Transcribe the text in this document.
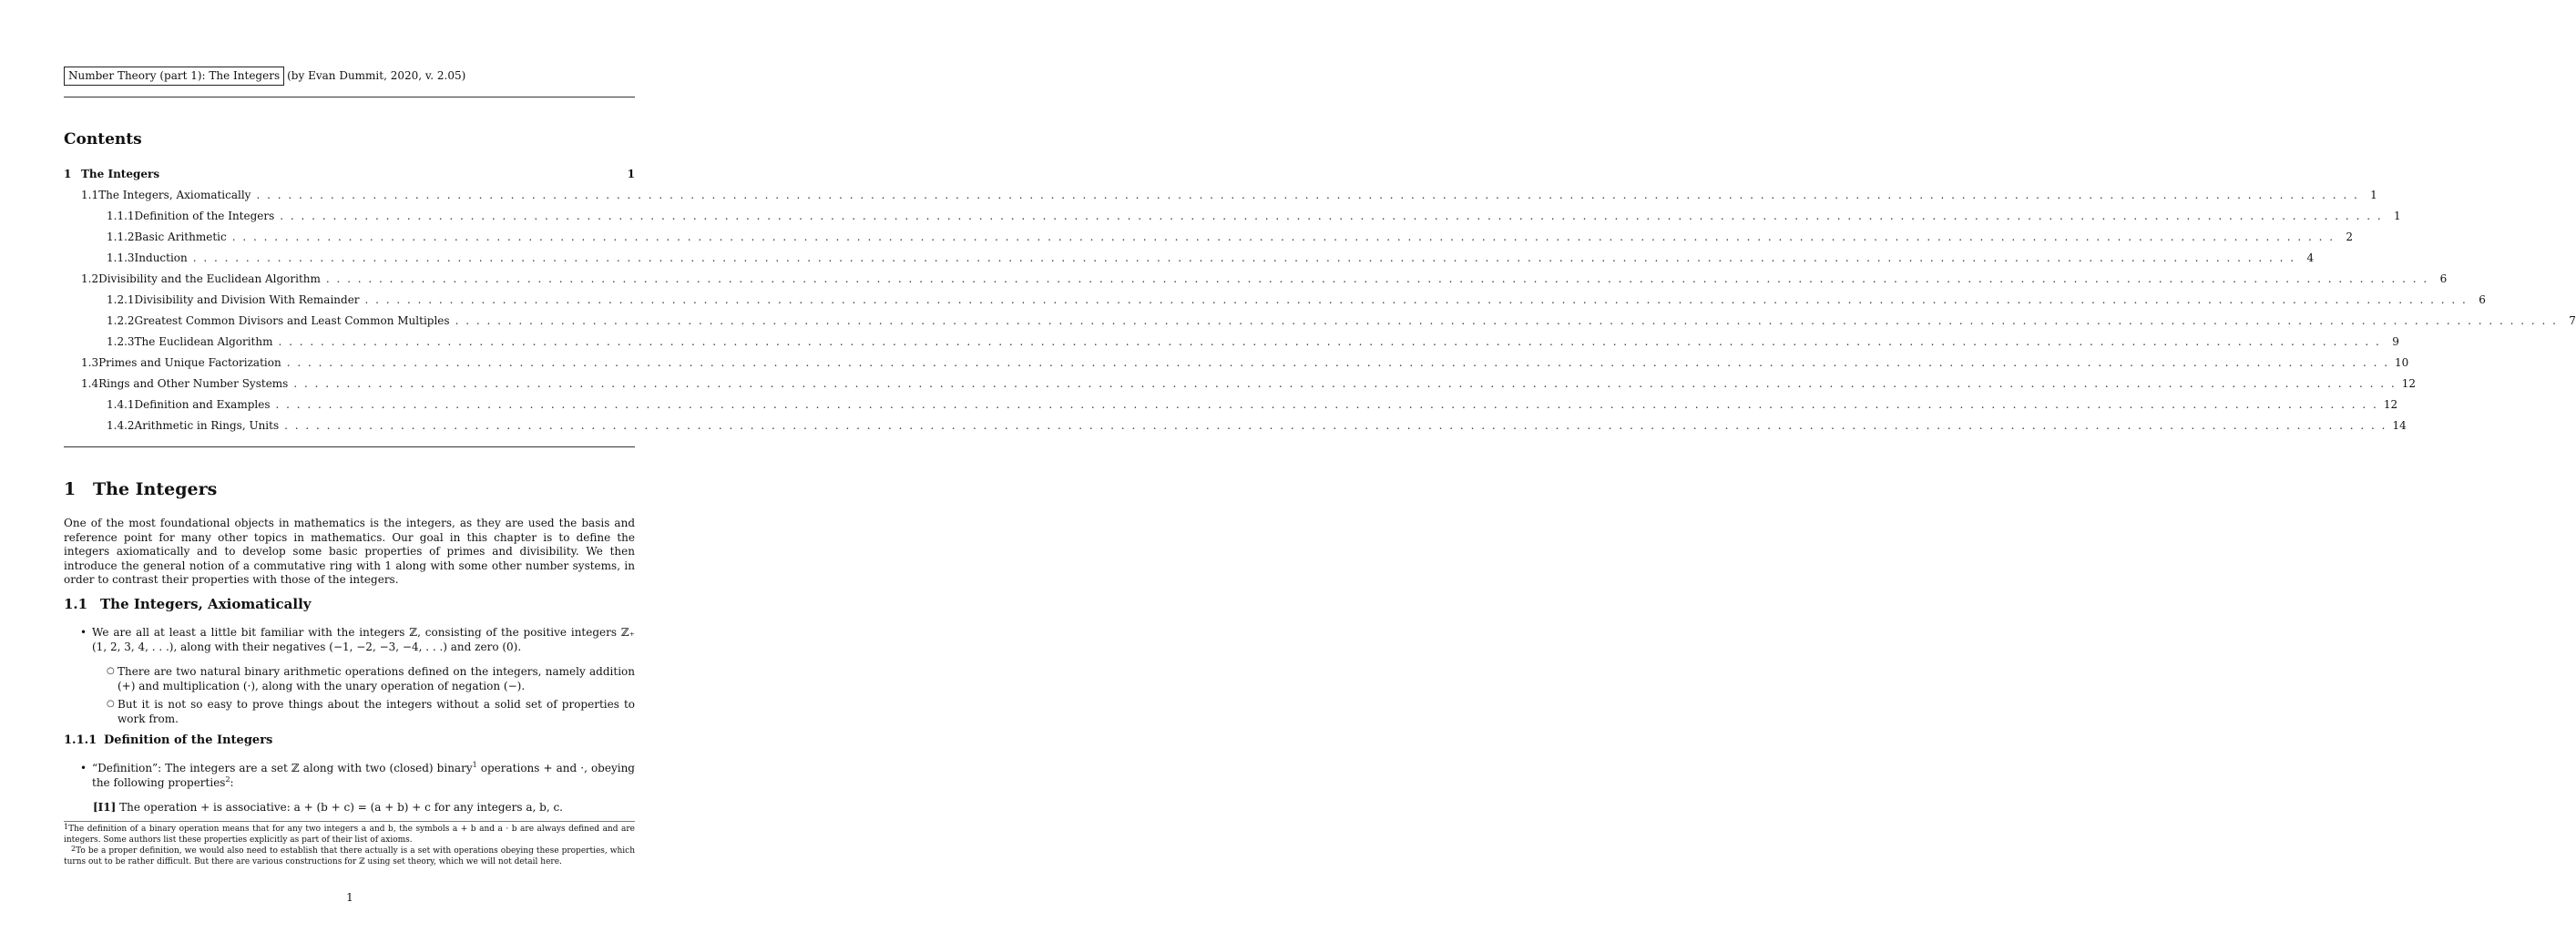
Number Theory (part 1): The Integers (by Evan Dummit, 2020, v. 2.05)
Contents
1 The Integers	1
1.1 The Integers, Axiomatically . . . . . . . . . . . . . . . . . . . . . . . . . . . . . . . . . . . . . . . . . . . . . . . . . . . . . . . . . . . . . . . . . . . . . . . . . . . . . . . . . . . . . . . . . . . . . . . . . . . . . . . . . . . . . . . . . . . . . . . . . . . . . . . . . . . . . . . . . . . . . . . . . . . . . . . . . . . . . . . . . . . . . . . . . . . . . . . . . . . . . . . . . . . . . . . . . . . . . . .	1
1.1.1 Definition of the Integers . . . . . . . . . . . . . . . . . . . . . . . . . . . . . . . . . . . . . . . . . . . . . . . . . . . . . . . . . . . . . . . . . . . . . . . . . . . . . . . . . . . . . . . . . . . . . . . . . . . . . . . . . . . . . . . . . . . . . . . . . . . . . . . . . . . . . . . . . . . . . . . . . . . . . . . . . . . . . . . . . . . . . . . . . . . . . . . . . . . . . . . . . . . . . . . . . . . . . . .	1
1.1.2 Basic Arithmetic . . . . . . . . . . . . . . . . . . . . . . . . . . . . . . . . . . . . . . . . . . . . . . . . . . . . . . . . . . . . . . . . . . . . . . . . . . . . . . . . . . . . . . . . . . . . . . . . . . . . . . . . . . . . . . . . . . . . . . . . . . . . . . . . . . . . . . . . . . . . . . . . . . . . . . . . . . . . . . . . . . . . . . . . . . . . . . . . . . . . . . . . . . . . . . . . . . . . . . .	2
1.1.3 Induction . . . . . . . . . . . . . . . . . . . . . . . . . . . . . . . . . . . . . . . . . . . . . . . . . . . . . . . . . . . . . . . . . . . . . . . . . . . . . . . . . . . . . . . . . . . . . . . . . . . . . . . . . . . . . . . . . . . . . . . . . . . . . . . . . . . . . . . . . . . . . . . . . . . . . . . . . . . . . . . . . . . . . . . . . . . . . . . . . . . . . . . . . . . . . . . . . . . . . . .	4
1.2 Divisibility and the Euclidean Algorithm . . . . . . . . . . . . . . . . . . . . . . . . . . . . . . . . . . . . . . . . . . . . . . . . . . . . . . . . . . . . . . . . . . . . . . . . . . . . . . . . . . . . . . . . . . . . . . . . . . . . . . . . . . . . . . . . . . . . . . . . . . . . . . . . . . . . . . . . . . . . . . . . . . . . . . . . . . . . . . . . . . . . . . . . . . . . . . . . . . . . . . . . . . . . . . . . . . . . . . .	6
1.2.1 Divisibility and Division With Remainder . . . . . . . . . . . . . . . . . . . . . . . . . . . . . . . . . . . . . . . . . . . . . . . . . . . . . . . . . . . . . . . . . . . . . . . . . . . . . . . . . . . . . . . . . . . . . . . . . . . . . . . . . . . . . . . . . . . . . . . . . . . . . . . . . . . . . . . . . . . . . . . . . . . . . . . . . . . . . . . . . . . . . . . . . . . . . . . . . . . . . . . . . . . . . . . . . . . . . . .	6
1.2.2 Greatest Common Divisors and Least Common Multiples . . . . . . . . . . . . . . . . . . . . . . . . . . . . . . . . . . . . . . . . . . . . . . . . . . . . . . . . . . . . . . . . . . . . . . . . . . . . . . . . . . . . . . . . . . . . . . . . . . . . . . . . . . . . . . . . . . . . . . . . . . . . . . . . . . . . . . . . . . . . . . . . . . . . . . . . . . . . . . . . . . . . . . . . . . . . . . . . . . . . . . . . . . . . . . . . . . . . . . .	7
1.2.3 The Euclidean Algorithm . . . . . . . . . . . . . . . . . . . . . . . . . . . . . . . . . . . . . . . . . . . . . . . . . . . . . . . . . . . . . . . . . . . . . . . . . . . . . . . . . . . . . . . . . . . . . . . . . . . . . . . . . . . . . . . . . . . . . . . . . . . . . . . . . . . . . . . . . . . . . . . . . . . . . . . . . . . . . . . . . . . . . . . . . . . . . . . . . . . . . . . . . . . . . . . . . . . . . . .	9
1.3 Primes and Unique Factorization . . . . . . . . . . . . . . . . . . . . . . . . . . . . . . . . . . . . . . . . . . . . . . . . . . . . . . . . . . . . . . . . . . . . . . . . . . . . . . . . . . . . . . . . . . . . . . . . . . . . . . . . . . . . . . . . . . . . . . . . . . . . . . . . . . . . . . . . . . . . . . . . . . . . . . . . . . . . . . . . . . . . . . . . . . . . . . . . . . . . . . . . . . . . . . . . . . . . . . . 10
1.4 Rings and Other Number Systems . . . . . . . . . . . . . . . . . . . . . . . . . . . . . . . . . . . . . . . . . . . . . . . . . . . . . . . . . . . . . . . . . . . . . . . . . . . . . . . . . . . . . . . . . . . . . . . . . . . . . . . . . . . . . . . . . . . . . . . . . . . . . . . . . . . . . . . . . . . . . . . . . . . . . . . . . . . . . . . . . . . . . . . . . . . . . . . . . . . . . . . . . . . . . . . . . . . . . . . 12
1.4.1 Definition and Examples . . . . . . . . . . . . . . . . . . . . . . . . . . . . . . . . . . . . . . . . . . . . . . . . . . . . . . . . . . . . . . . . . . . . . . . . . . . . . . . . . . . . . . . . . . . . . . . . . . . . . . . . . . . . . . . . . . . . . . . . . . . . . . . . . . . . . . . . . . . . . . . . . . . . . . . . . . . . . . . . . . . . . . . . . . . . . . . . . . . . . . . . . . . . . . . . . . . . . . . 12
1.4.2 Arithmetic in Rings, Units . . . . . . . . . . . . . . . . . . . . . . . . . . . . . . . . . . . . . . . . . . . . . . . . . . . . . . . . . . . . . . . . . . . . . . . . . . . . . . . . . . . . . . . . . . . . . . . . . . . . . . . . . . . . . . . . . . . . . . . . . . . . . . . . . . . . . . . . . . . . . . . . . . . . . . . . . . . . . . . . . . . . . . . . . . . . . . . . . . . . . . . . . . . . . . . . . . . . . . . 14
1 The Integers
One of the most foundational objects in mathematics is the integers, as they are used the basis and reference point for many other topics in mathematics. Our goal in this chapter is to define the integers axiomatically and to develop some basic properties of primes and divisibility. We then introduce the general notion of a commutative ring with 1 along with some other number systems, in order to contrast their properties with those of the integers.
1.1 The Integers, Axiomatically
• We are all at least a little bit familiar with the integers ℤ, consisting of the positive integers ℤ₊ (1, 2, 3, 4, . . .), along with their negatives (−1, −2, −3, −4, . . .) and zero (0).
○ There are two natural binary arithmetic operations defined on the integers, namely addition (+) and multiplication (·), along with the unary operation of negation (−).
○ But it is not so easy to prove things about the integers without a solid set of properties to work from.
1.1.1 Definition of the Integers
• “Definition”: The integers are a set ℤ along with two (closed) binary$^1$ operations + and ·, obeying the following properties$^2$:
[I1] The operation + is associative: a + (b + c) = (a + b) + c for any integers a, b, c.
$^1$The definition of a binary operation means that for any two integers a and b, the symbols a + b and a · b are always defined and are integers. Some authors list these properties explicitly as part of their list of axioms.
$^2$To be a proper definition, we would also need to establish that there actually is a set with operations obeying these properties, which turns out to be rather difficult. But there are various constructions for ℤ using set theory, which we will not detail here.
1
